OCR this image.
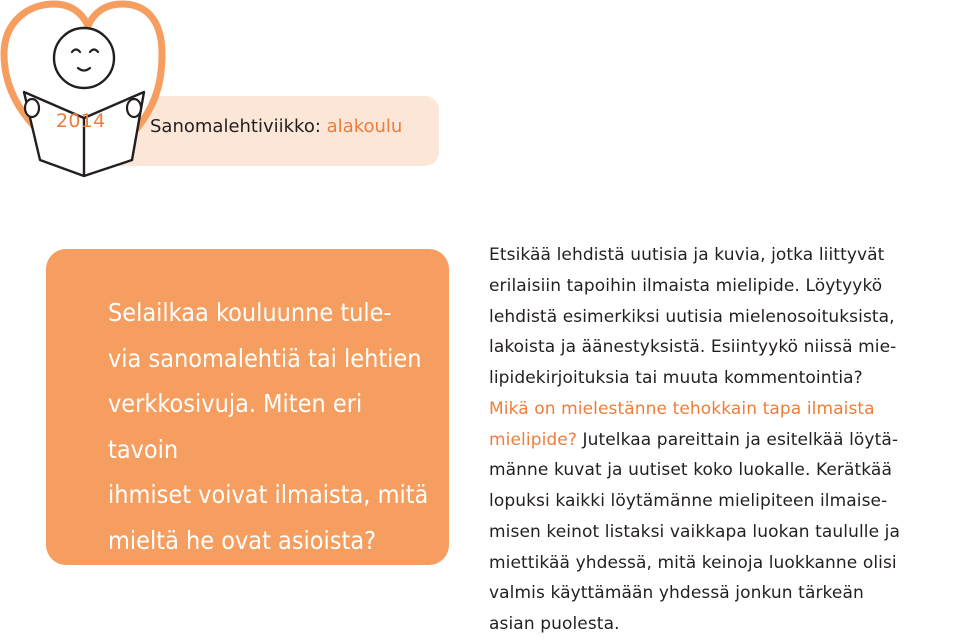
2014 Sanomalehtiviikko: alakoulu

Selailkaa kouluunne tule-
via sanomalehtiä tai lehtien
verkkosivuja. Miten eri tavoin
ihmiset voivat ilmaista, mitä
mieltä he ovat asioista?

Etsikää lehdistä uutisia ja kuvia, jotka liittyvät
erilaisiin tapoihin ilmaista mielipide. Löytyykö
lehdistä esimerkiksi uutisia mielenosoituksista,
lakoista ja äänestyksistä. Esiintyykö niissä mie-
lipidekirjoituksia tai muuta kommentointia?
Mikä on mielestänne tehokkain tapa ilmaista
mielipide? Jutelkaa pareittain ja esitelkää löytä-
männe kuvat ja uutiset koko luokalle. Kerätkää
lopuksi kaikki löytämänne mielipiteen ilmaise-
misen keinot listaksi vaikkapa luokan taululle ja
miettikää yhdessä, mitä keinoja luokkanne olisi
valmis käyttämään yhdessä jonkun tärkeän
asian puolesta.
